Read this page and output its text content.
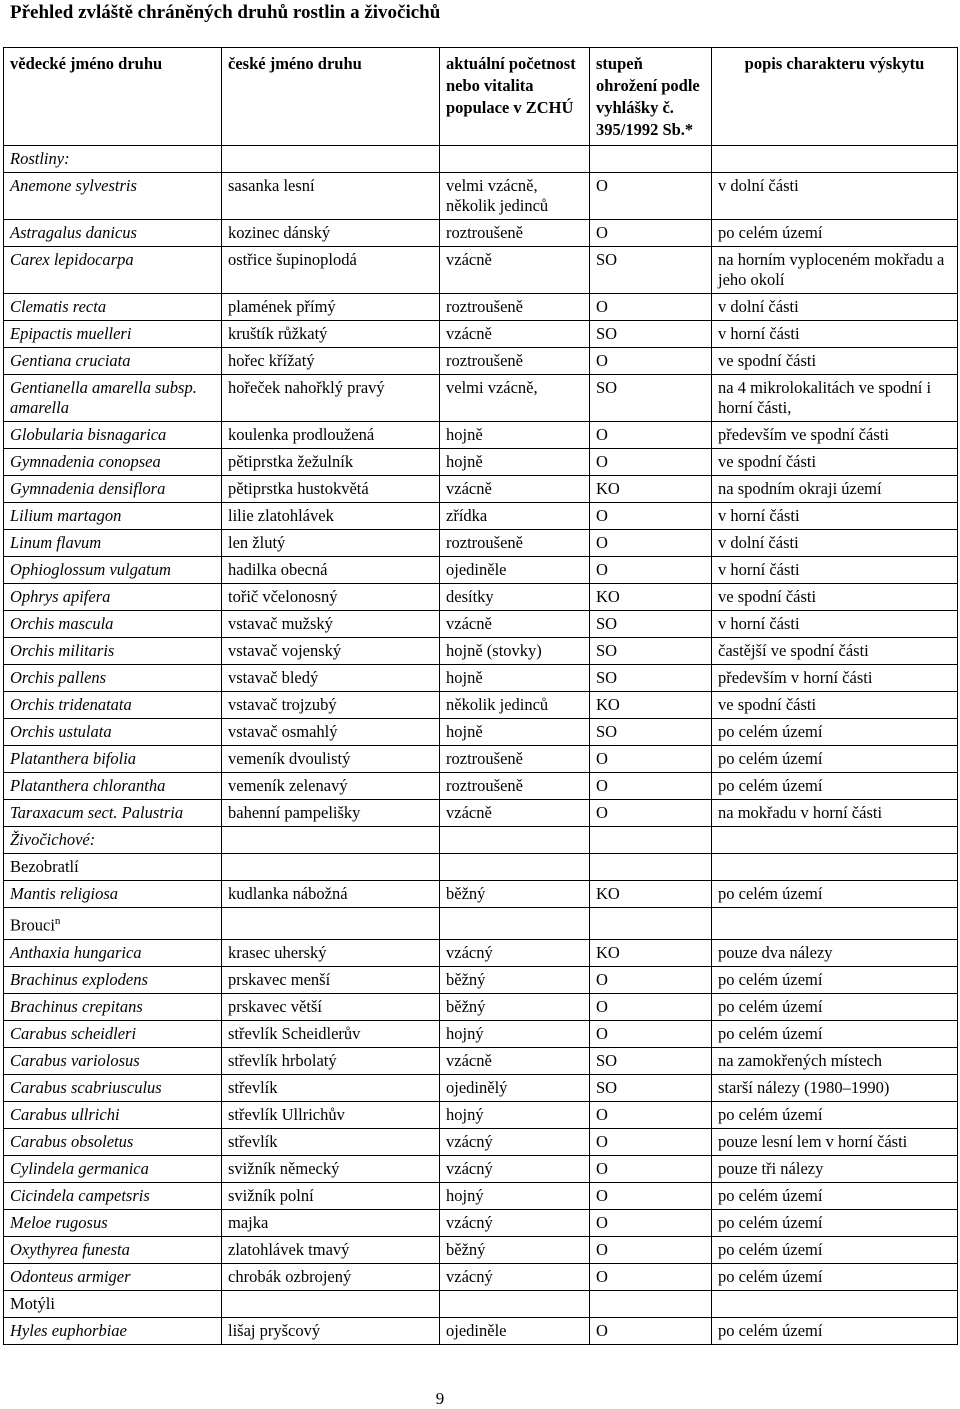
Přehled zvláště chráněných druhů rostlin a živočichů
vědecké jméno druhu	české jméno druhu	aktuální početnost nebo vitalita populace v ZCHÚ	stupeň ohrožení podle vyhlášky č. 395/1992 Sb.*	popis charakteru výskytu
Rostliny:				
Anemone sylvestris	sasanka lesní	velmi vzácně, několik jedinců	O	v dolní části
Astragalus danicus	kozinec dánský	roztroušeně	O	po celém území
Carex lepidocarpa	ostřice šupinoplodá	vzácně	SO	na horním vyploceném mokřadu a jeho okolí
Clematis recta	plamének přímý	roztroušeně	O	v dolní části
Epipactis muelleri	kruštík růžkatý	vzácně	SO	v horní části
Gentiana cruciata	hořec křížatý	roztroušeně	O	ve spodní části
Gentianella amarella subsp. amarella	hořeček nahořklý pravý	velmi vzácně,	SO	na 4 mikrolokalitách ve spodní i horní části,
Globularia bisnagarica	koulenka prodloužená	hojně	O	především ve spodní části
Gymnadenia conopsea	pětiprstka žežulník	hojně	O	ve spodní části
Gymnadenia densiflora	pětiprstka hustokvětá	vzácně	KO	na spodním okraji území
Lilium martagon	lilie zlatohlávek	zřídka	O	v horní části
Linum flavum	len žlutý	roztroušeně	O	v dolní části
Ophioglossum vulgatum	hadilka obecná	ojediněle	O	v horní části
Ophrys apifera	tořič včelonosný	desítky	KO	ve spodní části
Orchis mascula	vstavač mužský	vzácně	SO	v horní části
Orchis militaris	vstavač vojenský	hojně (stovky)	SO	častější ve spodní části
Orchis pallens	vstavač bledý	hojně	SO	především v horní části
Orchis tridenatata	vstavač trojzubý	několik jedinců	KO	ve spodní části
Orchis ustulata	vstavač osmahlý	hojně	SO	po celém území
Platanthera bifolia	vemeník dvoulistý	roztroušeně	O	po celém území
Platanthera chlorantha	vemeník zelenavý	roztroušeně	O	po celém území
Taraxacum sect. Palustria	bahenní pampelišky	vzácně	O	na mokřadu v horní části
Živočichové:				
Bezobratlí				
Mantis religiosa	kudlanka nábožná	běžný	KO	po celém území
Brouci$^n$				
Anthaxia hungarica	krasec uherský	vzácný	KO	pouze dva nálezy
Brachinus explodens	prskavec menší	běžný	O	po celém území
Brachinus crepitans	prskavec větší	běžný	O	po celém území
Carabus scheidleri	střevlík Scheidlerův	hojný	O	po celém území
Carabus variolosus	střevlík hrbolatý	vzácně	SO	na zamokřených místech
Carabus scabriusculus	střevlík	ojedinělý	SO	starší nálezy (1980–1990)
Carabus ullrichi	střevlík Ullrichův	hojný	O	po celém území
Carabus obsoletus	střevlík	vzácný	O	pouze lesní lem v horní části
Cylindela germanica	svižník německý	vzácný	O	pouze tři nálezy
Cicindela campetsris	svižník polní	hojný	O	po celém území
Meloe rugosus	majka	vzácný	O	po celém území
Oxythyrea funesta	zlatohlávek tmavý	běžný	O	po celém území
Odonteus armiger	chrobák ozbrojený	vzácný	O	po celém území
Motýli				
Hyles euphorbiae	lišaj pryšcový	ojediněle	O	po celém území
9
